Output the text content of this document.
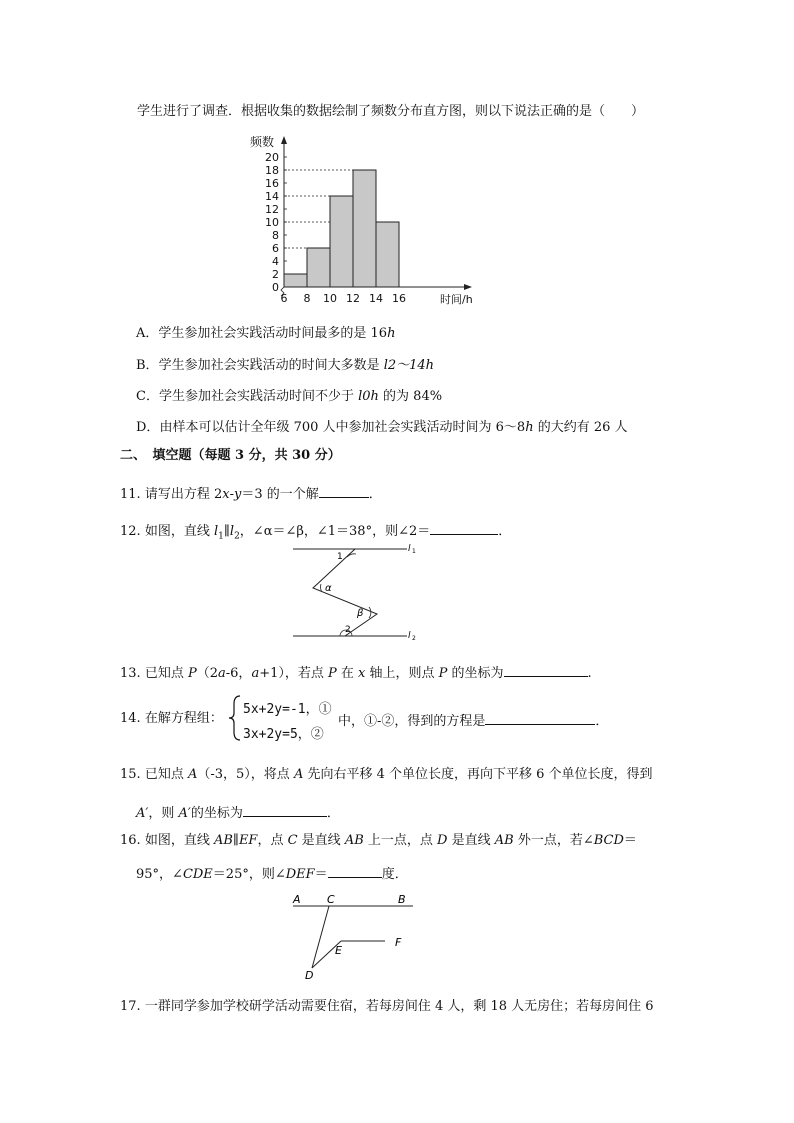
学生进行了调查．根据收集的数据绘制了频数分布直方图，则以下说法正确的是（　　）
0
2
4
6
8
10
12
14
16
18
20
6 8 10 12 14 16
频数
时间/h
A．学生参加社会实践活动时间最多的是 16h
B．学生参加社会实践活动的时间大多数是 l2～14h
C．学生参加社会实践活动时间不少于 l0h 的为 84%
D．由样本可以估计全年级 700 人中参加社会实践活动时间为 6～8h 的大约有 26 人
二、　填空题（每题 3 分，共 30 分）
11. 请写出方程 2x-y＝3 的一个解	．
12. 如图，直线 $l_1\parallel l_2$，∠α＝∠β，∠1＝38°，则∠2＝	．
1
α
β
2
l 1
l 2
13. 已知点 P（2a-6，a+1），若点 P 在 x 轴上，则点 P 的坐标为	.
14. 在解方程组：
5x+2y=-1，①
3x+2y=5，②
中，①-②，得到的方程是	．
15. 已知点 A（-3，5），将点 A 先向右平移 4 个单位长度，再向下平移 6 个单位长度，得到
A′，则 A′的坐标为	．
16. 如图，直线 AB∥EF，点 C 是直线 AB 上一点，点 D 是直线 AB 外一点，若∠BCD＝
95°，∠CDE＝25°，则∠DEF＝	度．
A C	B
E
F
D
17. 一群同学参加学校研学活动需要住宿，若每房间住 4 人，剩 18 人无房住；若每房间住 6
